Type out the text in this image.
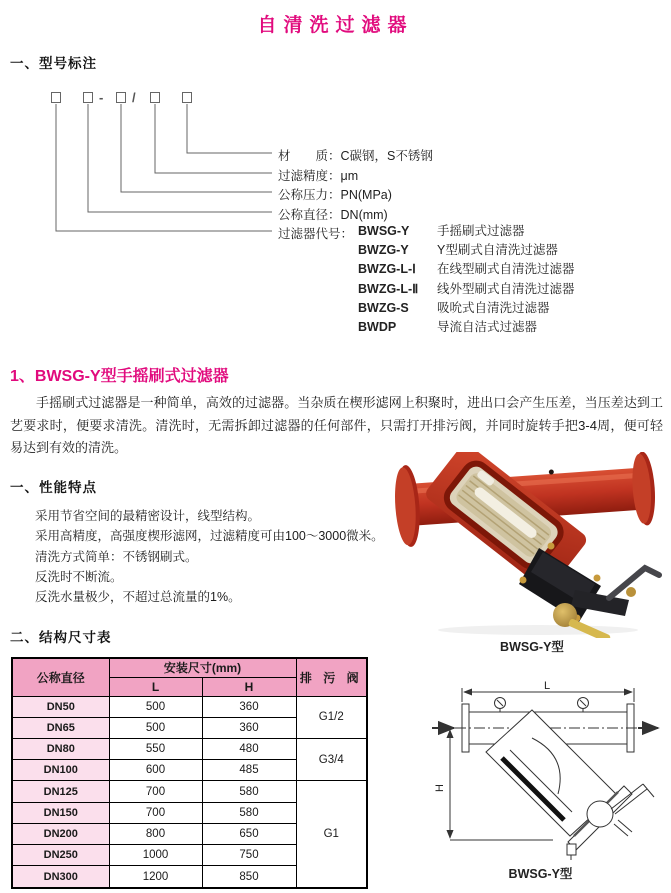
自清洗过滤器
一、型号标注
- /
材　　质：C碳钢，S不锈钢
过滤精度：μm
公称压力：PN(MPa)
公称直径：DN(mm)
过滤器代号： BWSG-Y	手摇刷式过滤器
BWZG-Y	Y型刷式自清洗过滤器
BWZG-L-Ⅰ	在线型刷式自清洗过滤器
BWZG-L-Ⅱ	线外型刷式自清洗过滤器
BWZG-S	吸吮式自清洗过滤器
BWDP	导流自洁式过滤器
1、BWSG-Y型手摇刷式过滤器
手摇刷式过滤器是一种简单，高效的过滤器。当杂质在楔形滤网上积聚时，进出口会产生压差，当压差达到工艺要求时，便要求清洗。清洗时，无需拆卸过滤器的任何部件，只需打开排污阀，并同时旋转手把3-4周，便可轻易达到有效的清洗。
一、性能特点
采用节省空间的最精密设计，线型结构。
采用高精度，高强度楔形滤网，过滤精度可由100～3000微米。
清洗方式简单：不锈钢刷式。
反洗时不断流。
反洗水量极少，不超过总流量的1%。
二、结构尺寸表
公称直径	安装尺寸(mm)		排 污 阀
	L	H	
DN50	500	360	G1/2
DN65	500	360	
DN80	550	480	G3/4
DN100	600	485	
DN125	700	580	G1
DN150	700	580	
DN200	800	650	
DN250	1000	750	
DN300	1200	850	
BWSG-Y型
L
H
BWSG-Y型
